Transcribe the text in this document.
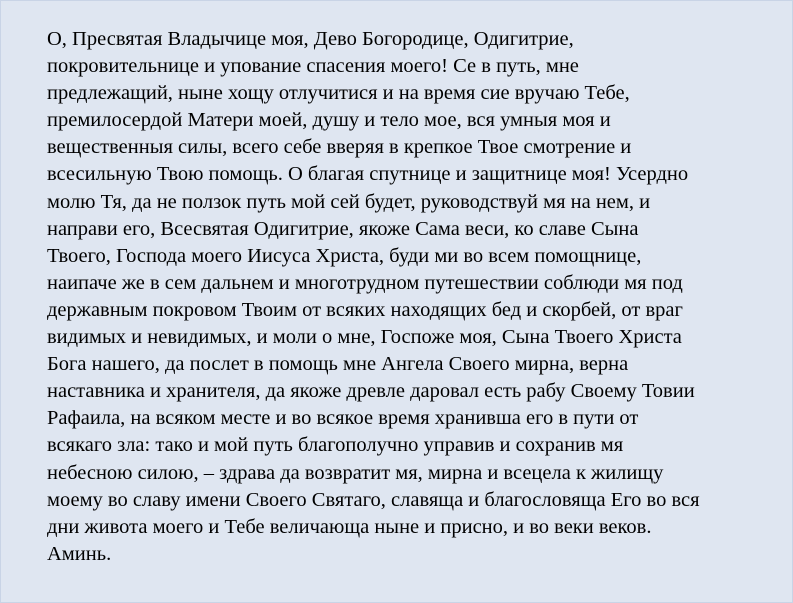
О, Пресвятая Владычице моя, Дево Богородице, Одигитрие,
покровительнице и упование спасения моего! Се в путь, мне
предлежащий, ныне хощу отлучитися и на время сие вручаю Тебе,
премилосердой Матери моей, душу и тело мое, вся умныя моя и
вещественныя силы, всего себе вверяя в крепкое Твое смотрение и
всесильную Твою помощь. О благая спутнице и защитнице моя! Усердно
молю Тя, да не ползок путь мой сей будет, руководствуй мя на нем, и
направи его, Всесвятая Одигитрие, якоже Сама веси, ко славе Сына
Твоего, Господа моего Иисуса Христа, буди ми во всем помощнице,
наипаче же в сем дальнем и многотрудном путешествии соблюди мя под
державным покровом Твоим от всяких находящих бед и скорбей, от враг
видимых и невидимых, и моли о мне, Госпоже моя, Сына Твоего Христа
Бога нашего, да послет в помощь мне Ангела Своего мирна, верна
наставника и хранителя, да якоже древле даровал есть рабу Своему Товии
Рафаила, на всяком месте и во всякое время хранивша его в пути от
всякаго зла: тако и мой путь благополучно управив и сохранив мя
небесною силою, – здрава да возвратит мя, мирна и всецела к жилищу
моему во славу имени Своего Святаго, славяща и благословяща Его во вся
дни живота моего и Тебе величающа ныне и присно, и во веки веков.
Аминь.
